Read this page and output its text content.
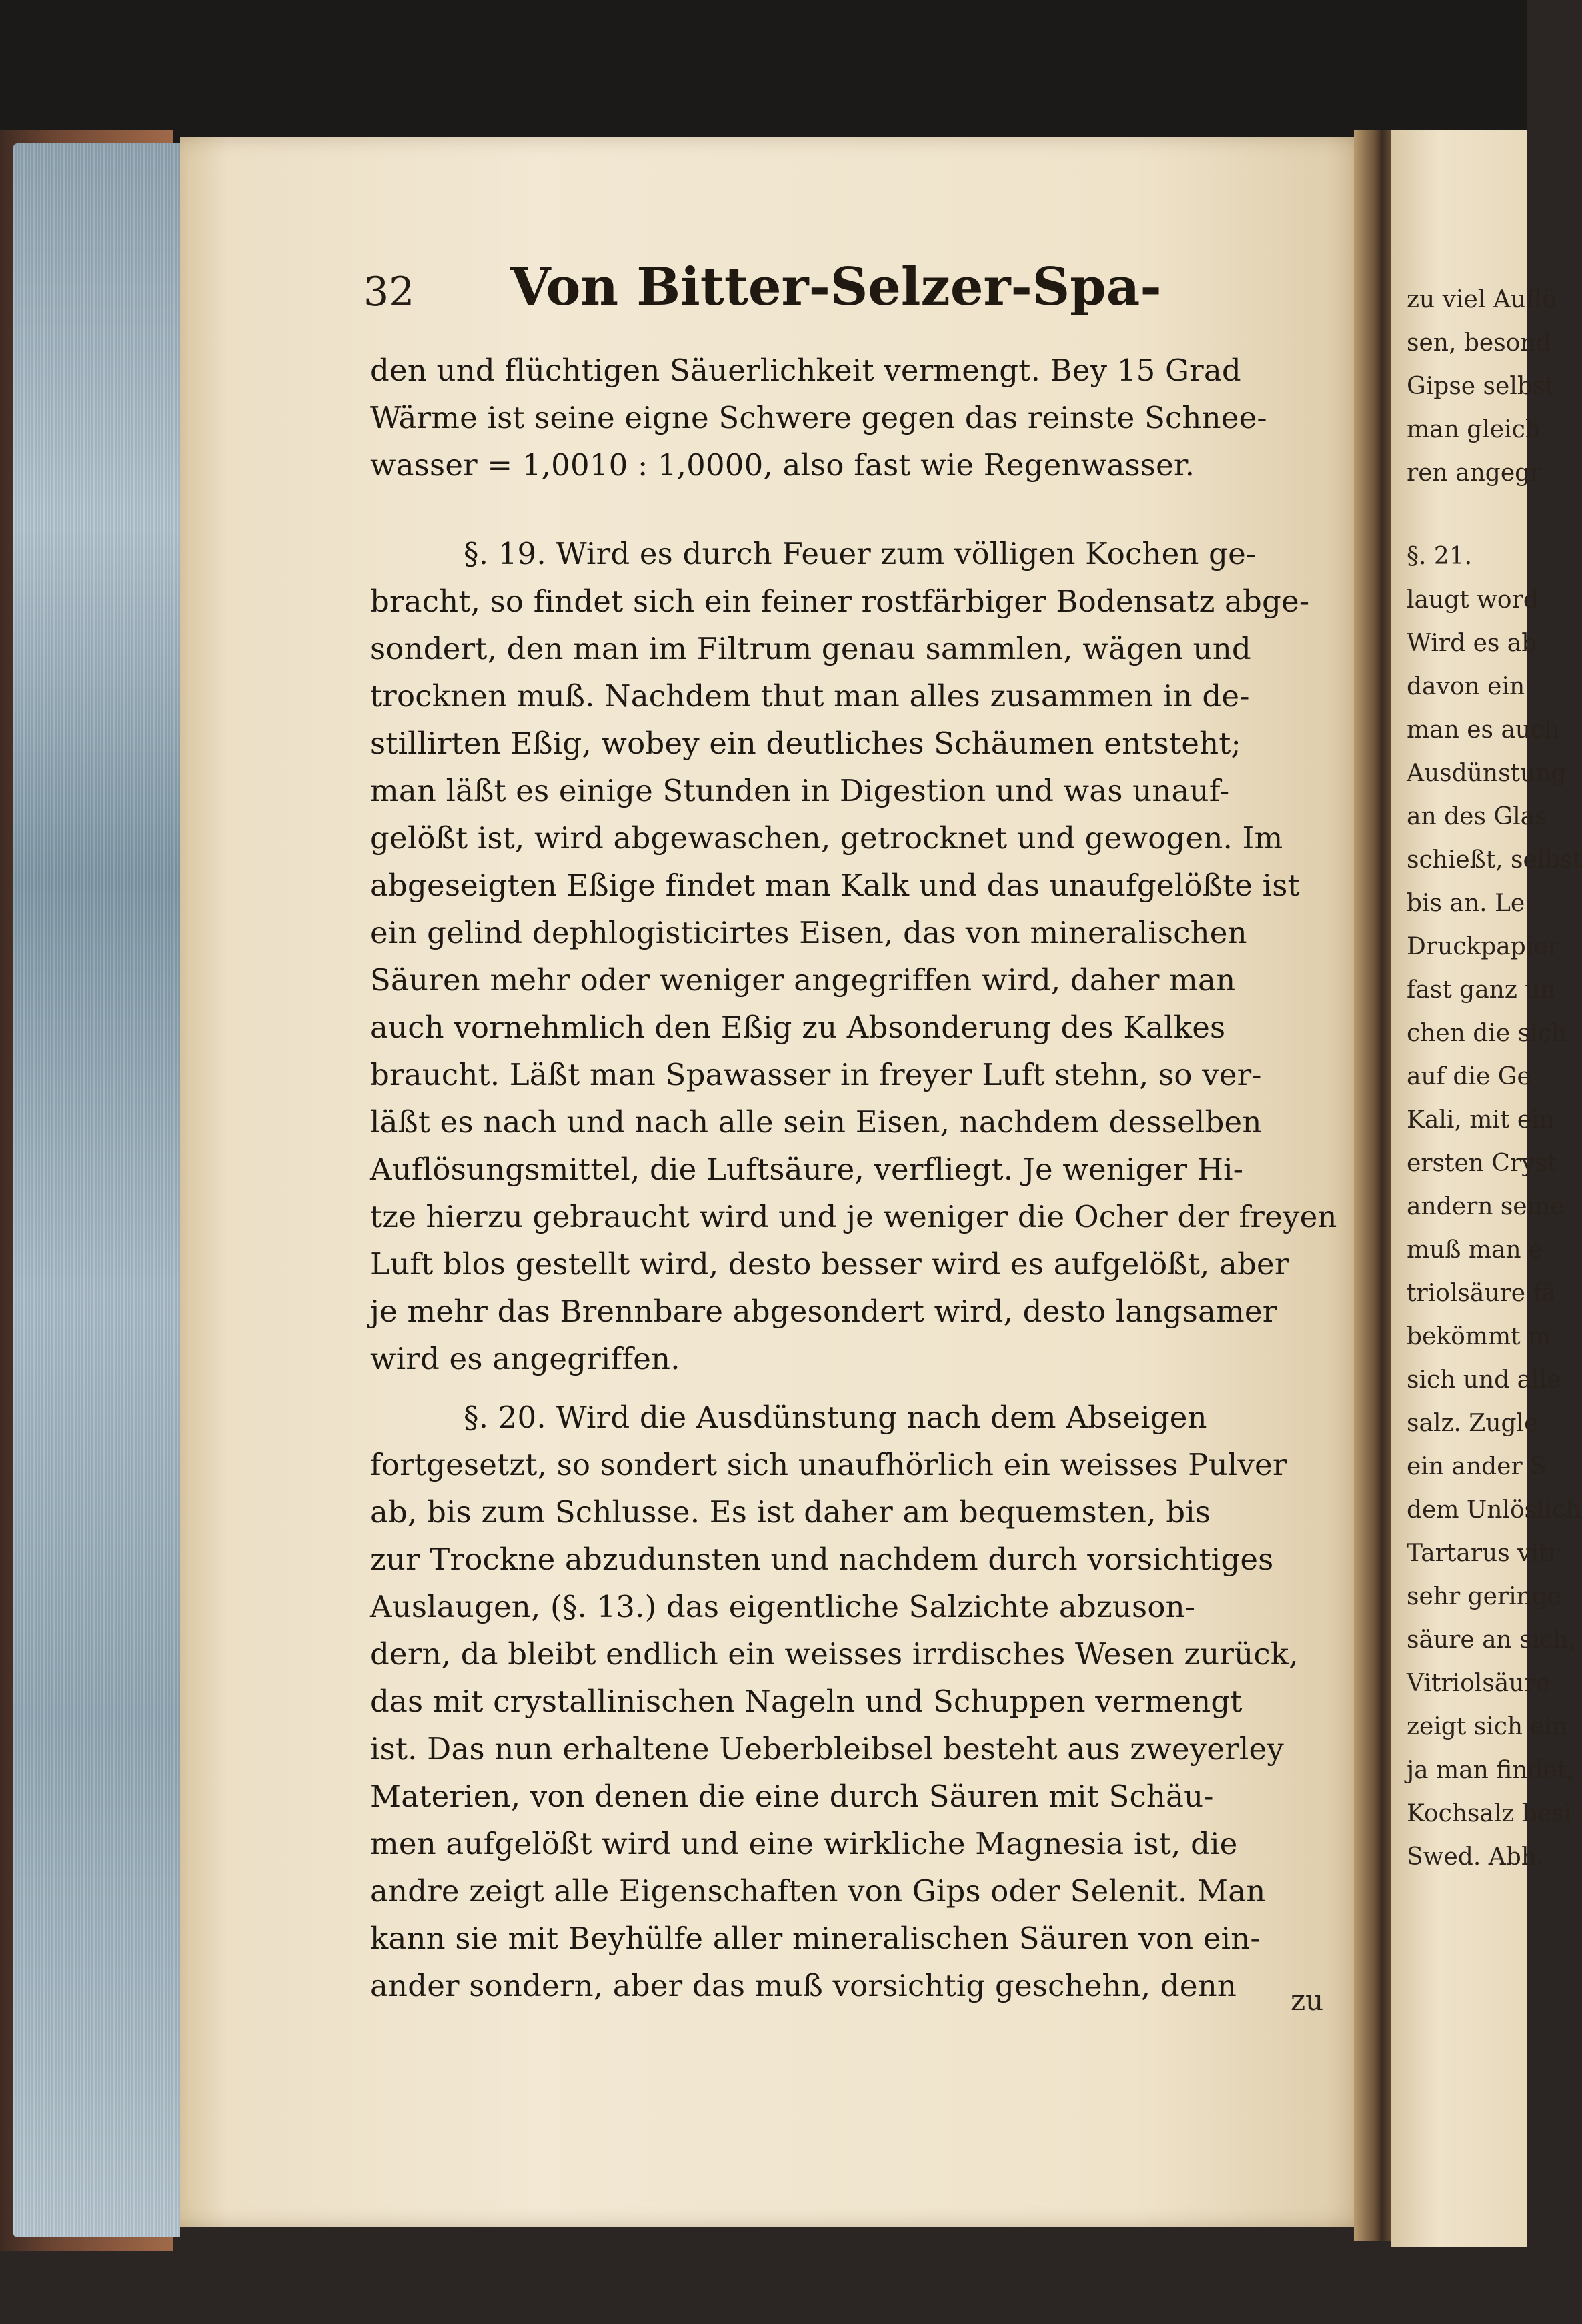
zu viel Auflö
sen, besond
Gipse selbst
man gleich
ren angegr
§. 21.
laugt word
Wird es ab
davon ein
man es auch
Ausdünstung
an des Glas
schießt, selbst
bis an. Le
Druckpapier
fast ganz un
chen die sich
auf die Ge
Kali, mit ein
ersten Cryst
andern seine
muß man e
triolsäure fä
bekömmt m
sich und alle
salz. Zugle
ein ander S
dem Unlöslich
Tartarus vitr
sehr geringe
säure an sich,
Vitriolsäure
zeigt sich ein
ja man findet,
Kochsalz besi
Swed. Abh.
32 Von Bitter-Selzer-Spa-
den und flüchtigen Säuerlichkeit vermengt. Bey 15 Grad
Wärme ist seine eigne Schwere gegen das reinste Schnee-
wasser = 1,0010 : 1,0000, also fast wie Regenwasser.
§. 19. Wird es durch Feuer zum völligen Kochen ge-
bracht, so findet sich ein feiner rostfärbiger Bodensatz abge-
sondert, den man im Filtrum genau sammlen, wägen und
trocknen muß. Nachdem thut man alles zusammen in de-
stillirten Eßig, wobey ein deutliches Schäumen entsteht;
man läßt es einige Stunden in Digestion und was unauf-
gelößt ist, wird abgewaschen, getrocknet und gewogen. Im
abgeseigten Eßige findet man Kalk und das unaufgelößte ist
ein gelind dephlogisticirtes Eisen, das von mineralischen
Säuren mehr oder weniger angegriffen wird, daher man
auch vornehmlich den Eßig zu Absonderung des Kalkes
braucht. Läßt man Spawasser in freyer Luft stehn, so ver-
läßt es nach und nach alle sein Eisen, nachdem desselben
Auflösungsmittel, die Luftsäure, verfliegt. Je weniger Hi-
tze hierzu gebraucht wird und je weniger die Ocher der freyen
Luft blos gestellt wird, desto besser wird es aufgelößt, aber
je mehr das Brennbare abgesondert wird, desto langsamer
wird es angegriffen.
§. 20. Wird die Ausdünstung nach dem Abseigen
fortgesetzt, so sondert sich unaufhörlich ein weisses Pulver
ab, bis zum Schlusse. Es ist daher am bequemsten, bis
zur Trockne abzudunsten und nachdem durch vorsichtiges
Auslaugen, (§. 13.) das eigentliche Salzichte abzuson-
dern, da bleibt endlich ein weisses irrdisches Wesen zurück,
das mit crystallinischen Nageln und Schuppen vermengt
ist. Das nun erhaltene Ueberbleibsel besteht aus zweyerley
Materien, von denen die eine durch Säuren mit Schäu-
men aufgelößt wird und eine wirkliche Magnesia ist, die
andre zeigt alle Eigenschaften von Gips oder Selenit. Man
kann sie mit Beyhülfe aller mineralischen Säuren von ein-
ander sondern, aber das muß vorsichtig geschehn, denn	zu
